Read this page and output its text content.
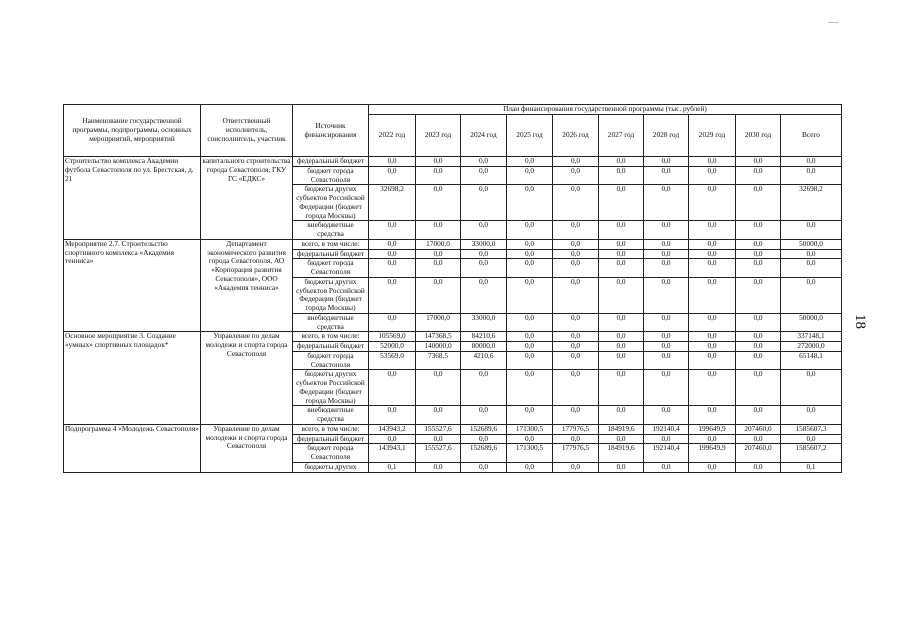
18
Наименование государственной программы, подпрограммы, основных мероприятий, мероприятий	Ответственный исполнитель, соисполнитель, участник	Источник финансирования	План финансирования государственной программы (тыс. рублей)									
			2022 год	2023 год	2024 год	2025 год	2026 год	2027 год	2028 год	2029 год	2030 год	Всего
Строительство комплекса Академии футбола Севастополя по ул. Брестская, д. 21	капитального строительства города Севастополя, ГКУ ГС «ЕДКС»	федеральный бюджет	0,0	0,0	0,0	0,0	0,0	0,0	0,0	0,0	0,0	0,0
		бюджет города Севастополя	0,0	0,0	0,0	0,0	0,0	0,0	0,0	0,0	0,0	0,0
		бюджеты других субъектов Российской Федерации (бюджет города Москвы)	32698,2	0,0	0,0	0,0	0,0	0,0	0,0	0,0	0,0	32698,2
		внебюджетные средства	0,0	0,0	0,0	0,0	0,0	0,0	0,0	0,0	0,0	0,0
Мероприятие 2.7. Строительство спортивного комплекса «Академия тенниса»	Департамент экономического развития города Севастополя, АО «Корпорация развития Севастополя», ООО «Академия тенниса»	всего, в том числе:	0,0	17000,0	33000,0	0,0	0,0	0,0	0,0	0,0	0,0	50000,0
		федеральный бюджет	0,0	0,0	0,0	0,0	0,0	0,0	0,0	0,0	0,0	0,0
		бюджет города Севастополя	0,0	0,0	0,0	0,0	0,0	0,0	0,0	0,0	0,0	0,0
		бюджеты других субъектов Российской Федерации (бюджет города Москвы)	0,0	0,0	0,0	0,0	0,0	0,0	0,0	0,0	0,0	0,0
		внебюджетные средства	0,0	17000,0	33000,0	0,0	0,0	0,0	0,0	0,0	0,0	50000,0
Основное мероприятие 3. Создание «умных» спортивных площадок*	Управление по делам молодежи и спорта города Севастополя	всего, в том числе:	105569,0	147368,5	84210,6	0,0	0,0	0,0	0,0	0,0	0,0	337148,1
		федеральный бюджет	52000,0	140000,0	80000,0	0,0	0,0	0,0	0,0	0,0	0,0	272000,0
		бюджет города Севастополя	53569,0	7368,5	4210,6	0,0	0,0	0,0	0,0	0,0	0,0	65148,1
		бюджеты других субъектов Российской Федерации (бюджет города Москвы)	0,0	0,0	0,0	0,0	0,0	0,0	0,0	0,0	0,0	0,0
		внебюджетные средства	0,0	0,0	0,0	0,0	0,0	0,0	0,0	0,0	0,0	0,0
Подпрограмма 4 «Молодежь Севастополя»	Управление по делам молодежи и спорта города Севастополя	всего, в том числе:	143943,2	155527,6	152689,6	171300,5	177976,5	184919,6	192140,4	199649,9	207460,0	1585607,3
		федеральный бюджет	0,0	0,0	0,0	0,0	0,0	0,0	0,0	0,0	0,0	0,0
		бюджет города Севастополя	143943,1	155527,6	152689,6	171300,5	177976,5	184919,6	192140,4	199649,9	207460,0	1585607,2
		бюджеты других	0,1	0,0	0,0	0,0	0,0	0,0	0,0	0,0	0,0	0,1
